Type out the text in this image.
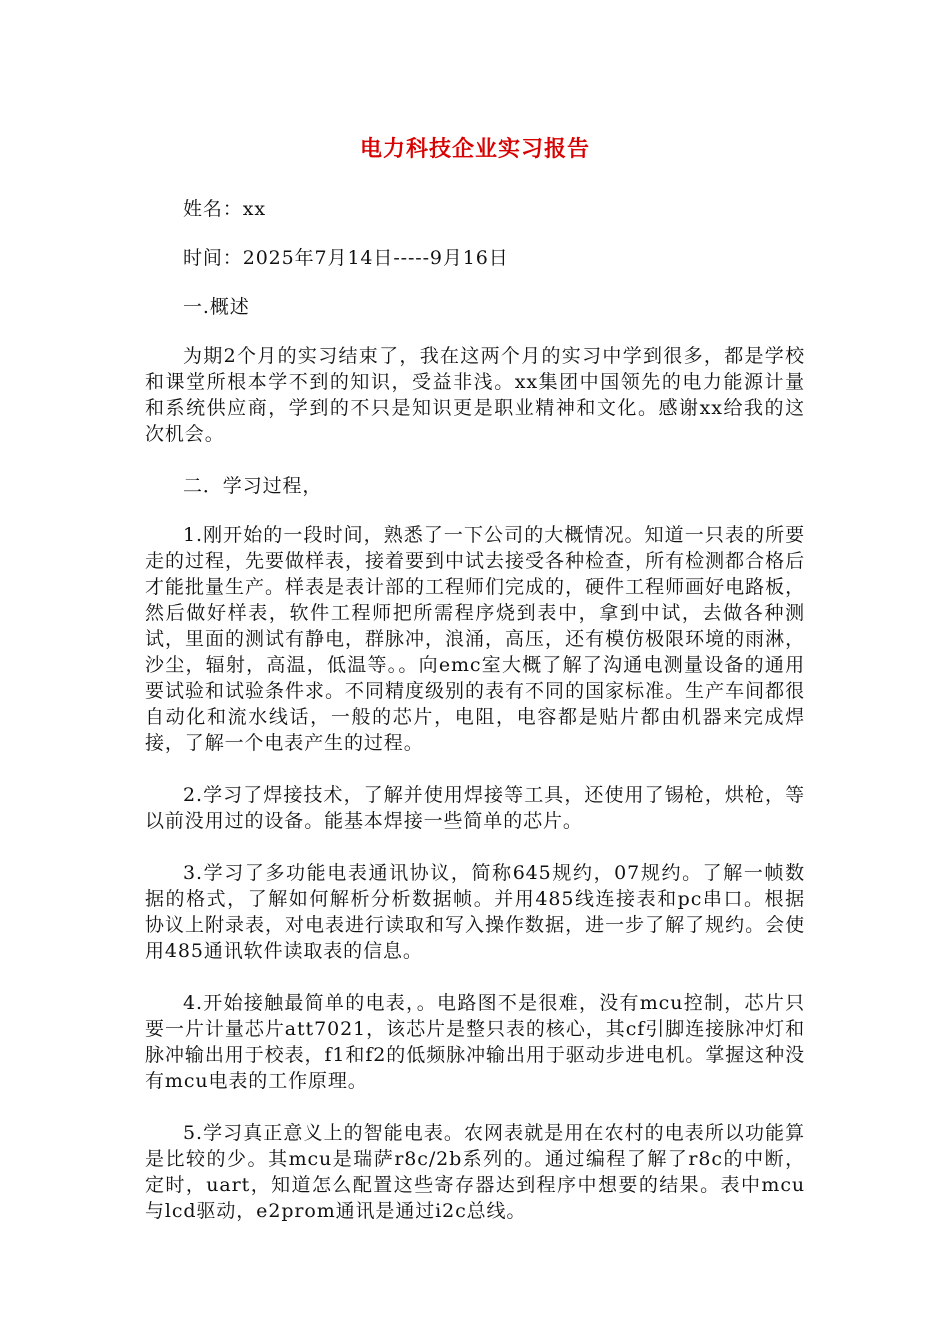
电力科技企业实习报告

姓名：xx

时间：2025年7月14日-----9月16日

一.概述

为期2个月的实习结束了，我在这两个月的实习中学到很多，都是学校和课堂所根本学不到的知识，受益非浅。xx集团中国领先的电力能源计量和系统供应商，学到的不只是知识更是职业精神和文化。感谢xx给我的这次机会。

二．学习过程，

1.刚开始的一段时间，熟悉了一下公司的大概情况。知道一只表的所要走的过程，先要做样表，接着要到中试去接受各种检查，所有检测都合格后才能批量生产。样表是表计部的工程师们完成的，硬件工程师画好电路板，然后做好样表，软件工程师把所需程序烧到表中，拿到中试，去做各种测试，里面的测试有静电，群脉冲，浪涌，高压，还有模仿极限环境的雨淋，沙尘，辐射，高温，低温等。。向emc室大概了解了沟通电测量设备的通用要试验和试验条件求。不同精度级别的表有不同的国家标准。生产车间都很自动化和流水线话，一般的芯片，电阻，电容都是贴片都由机器来完成焊接，了解一个电表产生的过程。

2.学习了焊接技术，了解并使用焊接等工具，还使用了锡枪，烘枪，等以前没用过的设备。能基本焊接一些简单的芯片。

3.学习了多功能电表通讯协议，简称645规约，07规约。了解一帧数据的格式，了解如何解析分析数据帧。并用485线连接表和pc串口。根据协议上附录表，对电表进行读取和写入操作数据，进一步了解了规约。会使用485通讯软件读取表的信息。

4.开始接触最简单的电表，。电路图不是很难，没有mcu控制，芯片只要一片计量芯片att7021，该芯片是整只表的核心，其cf引脚连接脉冲灯和脉冲输出用于校表，f1和f2的低频脉冲输出用于驱动步进电机。掌握这种没有mcu电表的工作原理。

5.学习真正意义上的智能电表。农网表就是用在农村的电表所以功能算是比较的少。其mcu是瑞萨r8c/2b系列的。通过编程了解了r8c的中断，定时，uart，知道怎么配置这些寄存器达到程序中想要的结果。表中mcu与lcd驱动，e2prom通讯是通过i2c总线。
